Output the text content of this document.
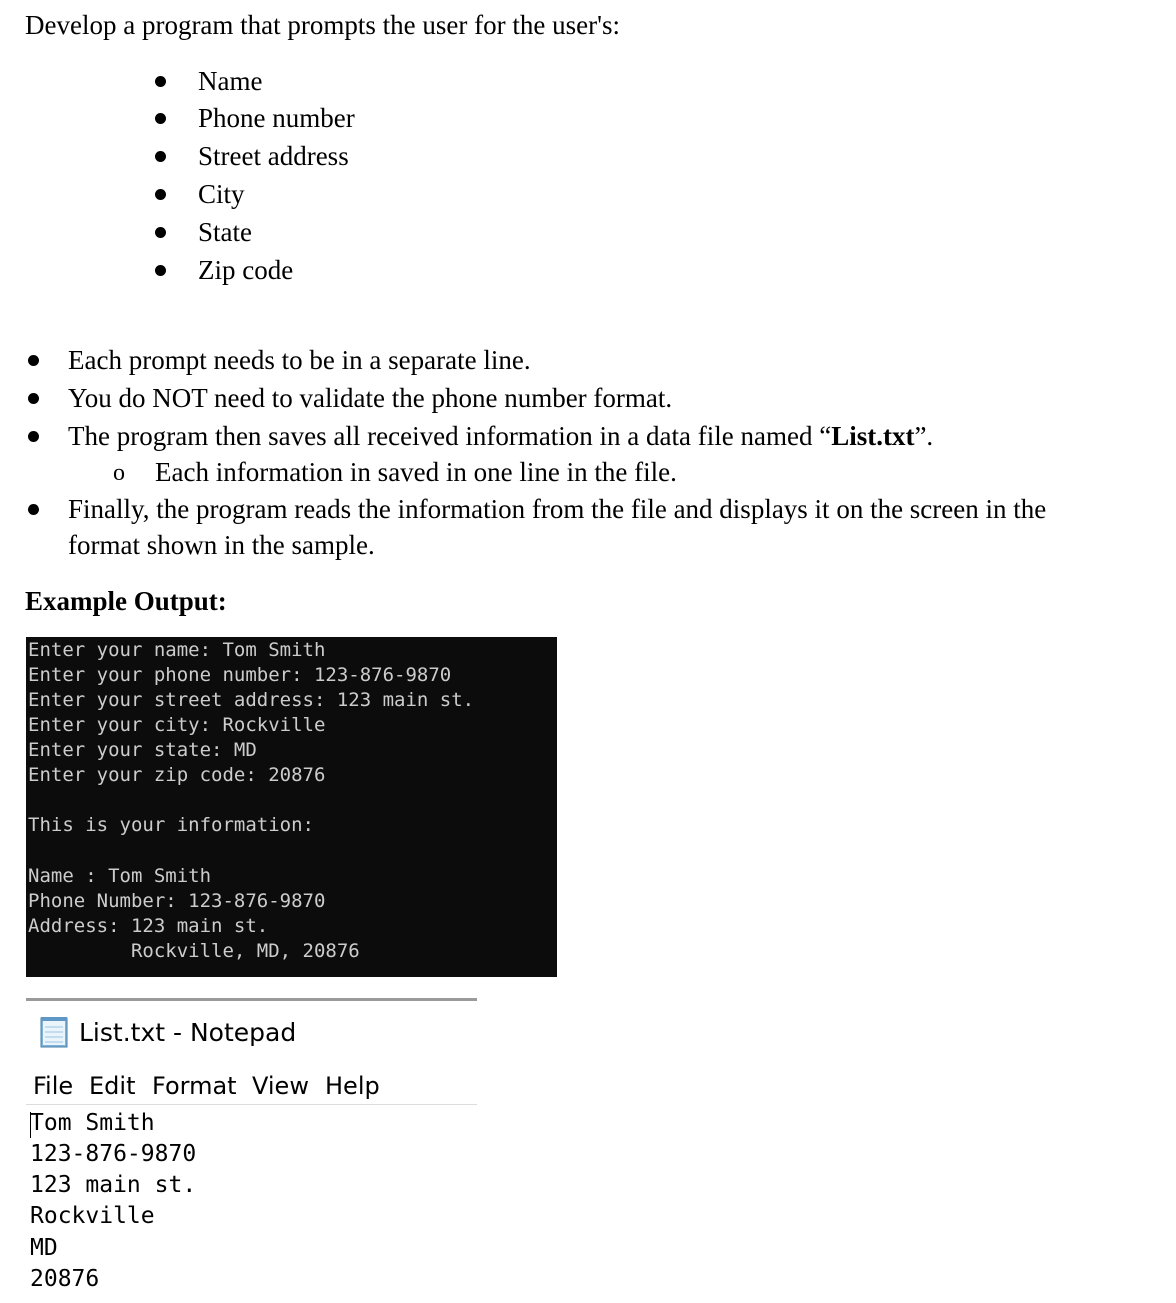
Develop a program that prompts the user for the user's:
Name
Phone number
Street address
City
State
Zip code
Each prompt needs to be in a separate line.
You do NOT need to validate the phone number format.
The program then saves all received information in a data file named “List.txt”.
o Each information in saved in one line in the file.
Finally, the program reads the information from the file and displays it on the screen in the
format shown in the sample.
Example Output:
Enter your name: Tom Smith
Enter your phone number: 123-876-9870
Enter your street address: 123 main st.
Enter your city: Rockville
Enter your state: MD
Enter your zip code: 20876
This is your information:
Name : Tom Smith
Phone Number: 123-876-9870
Address: 123 main st.
Rockville, MD, 20876
List.txt - Notepad
File Edit Format View Help
Tom Smith
123-876-9870
123 main st.
Rockville
MD
20876
